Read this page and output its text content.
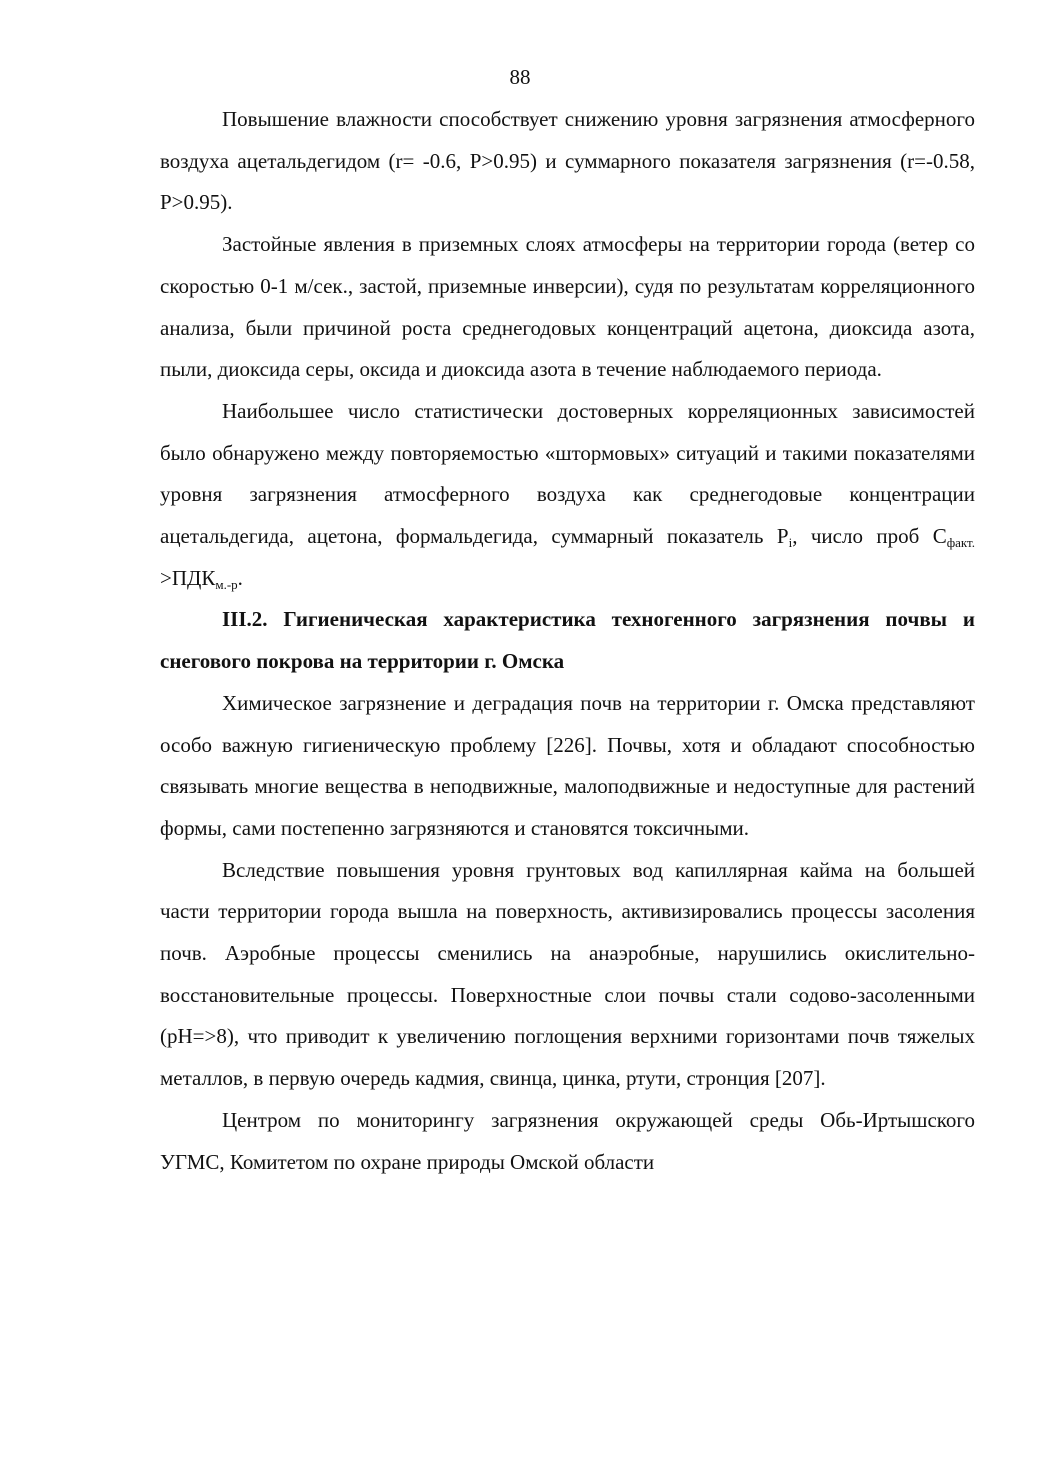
88

Повышение влажности способствует снижению уровня загрязнения атмосферного воздуха ацетальдегидом (r= -0.6, P>0.95) и суммарного показателя загрязнения (r=-0.58, P>0.95).

Застойные явления в приземных слоях атмосферы на территории города (ветер со скоростью 0-1 м/сек., застой, приземные инверсии), судя по результатам корреляционного анализа, были причиной роста среднегодовых концентраций ацетона, диоксида азота, пыли, диоксида серы, оксида и диоксида азота в течение наблюдаемого периода.

Наибольшее число статистически достоверных корреляционных зависимостей было обнаружено между повторяемостью «штормовых» ситуаций и такими показателями уровня загрязнения атмосферного воздуха как среднегодовые концентрации ацетальдегида, ацетона, формальдегида, суммарный показатель $P_i$, число проб $C_{факт.} >ПДК_{м.-р}$.

III.2. Гигиеническая характеристика техногенного загрязнения почвы и снегового покрова на территории г. Омска

Химическое загрязнение и деградация почв на территории г. Омска представляют особо важную гигиеническую проблему [226]. Почвы, хотя и обладают способностью связывать многие вещества в неподвижные, малоподвижные и недоступные для растений формы, сами постепенно загрязняются и становятся токсичными.

Вследствие повышения уровня грунтовых вод капиллярная кайма на большей части территории города вышла на поверхность, активизировались процессы засоления почв. Аэробные процессы сменились на анаэробные, нарушились окислительно-восстановительные процессы. Поверхностные слои почвы стали содово-засоленными (pH=>8), что приводит к увеличению поглощения верхними горизонтами почв тяжелых металлов, в первую очередь кадмия, свинца, цинка, ртути, стронция [207].

Центром по мониторингу загрязнения окружающей среды Обь-Иртышского УГМС, Комитетом по охране природы Омской области
